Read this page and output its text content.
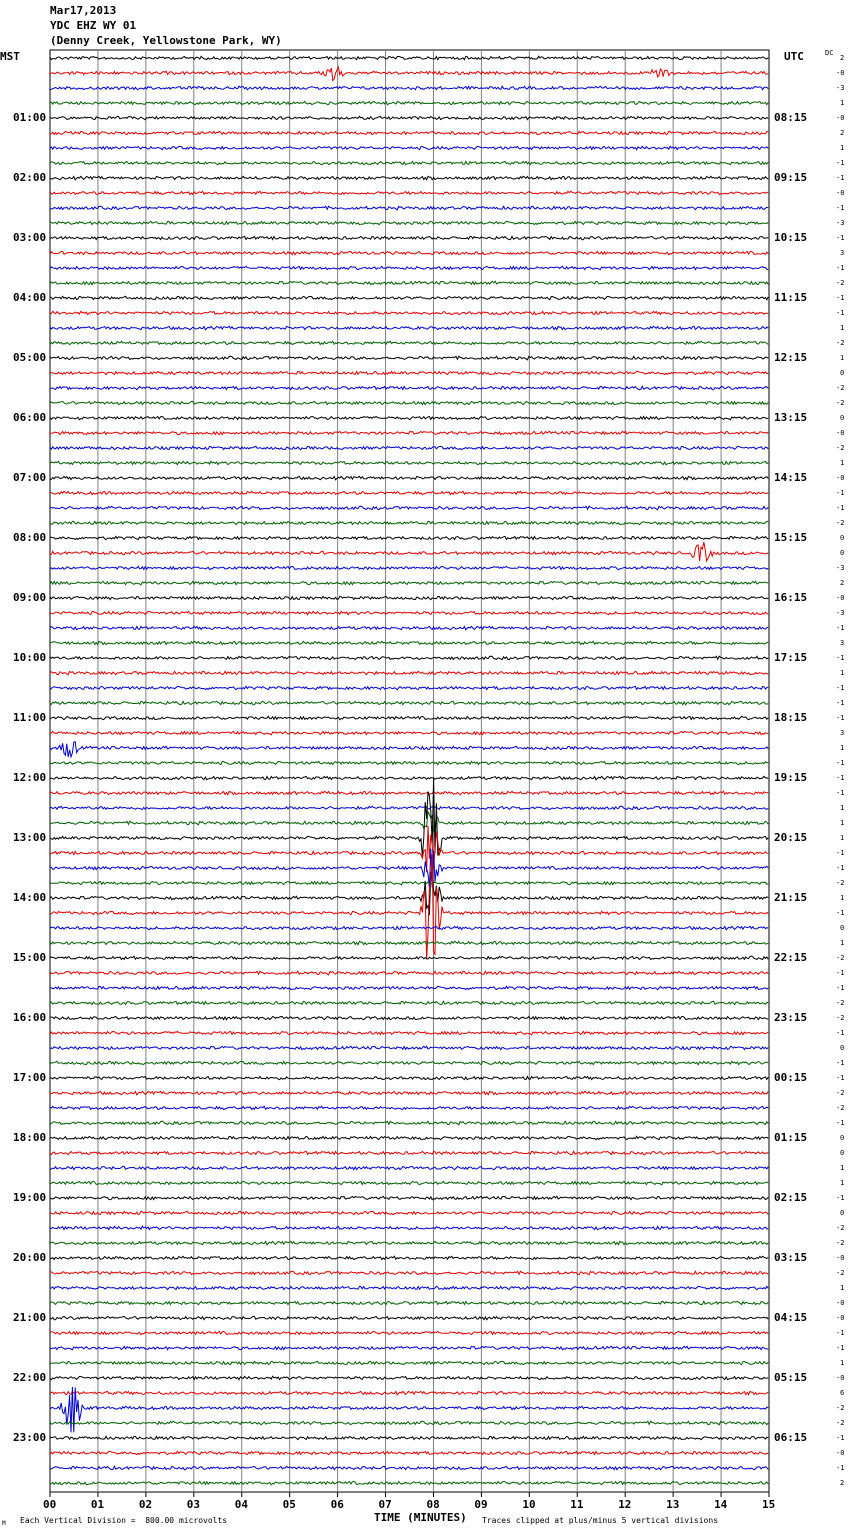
Mar17,2013
YDC EHZ WY 01
(Denny Creek, Yellowstone Park, WY)
MST	UTC	DC
2
-0
-3
1
-0
2
1
-1
-1
-0
-1
-3
-1
3
-1
-2
-1
-1
1
-2
1
0
-2
-2
0
-0
-2
1
-0
-1
-1
-2
0
0
-3
2
-0
-3
-1
3
-1
1
-1
-1
-1
3
1
-1
-1
-1
1
1
1
-1
-1
-2
1
-1
0
1
-2
-1
-1
-2
-2
-1
0
-1
-1
-2
-2
-1
0
0
1
1
-1
0
-2
-2
-0
-2
1
-0
-0
-1
-1
1
-0
6
-2
-2
-1
-0
-1
2
01:00	08:15
02:00	09:15
03:00	10:15
04:00	11:15
05:00	12:15
06:00	13:15
07:00	14:15
08:00	15:15
09:00	16:15
10:00	17:15
11:00	18:15
12:00	19:15
13:00	20:15
14:00	21:15
15:00	22:15
16:00	23:15
17:00	00:15
18:00	01:15
19:00	02:15
20:00	03:15
21:00	04:15
22:00	05:15
23:00	06:15
00	01	02	03	04	05	06	07	08	09	10	11	12	13	14	15
M Each Vertical Division =  800.00 microvolts	TIME (MINUTES) Traces clipped at plus/minus 5 vertical divisions
